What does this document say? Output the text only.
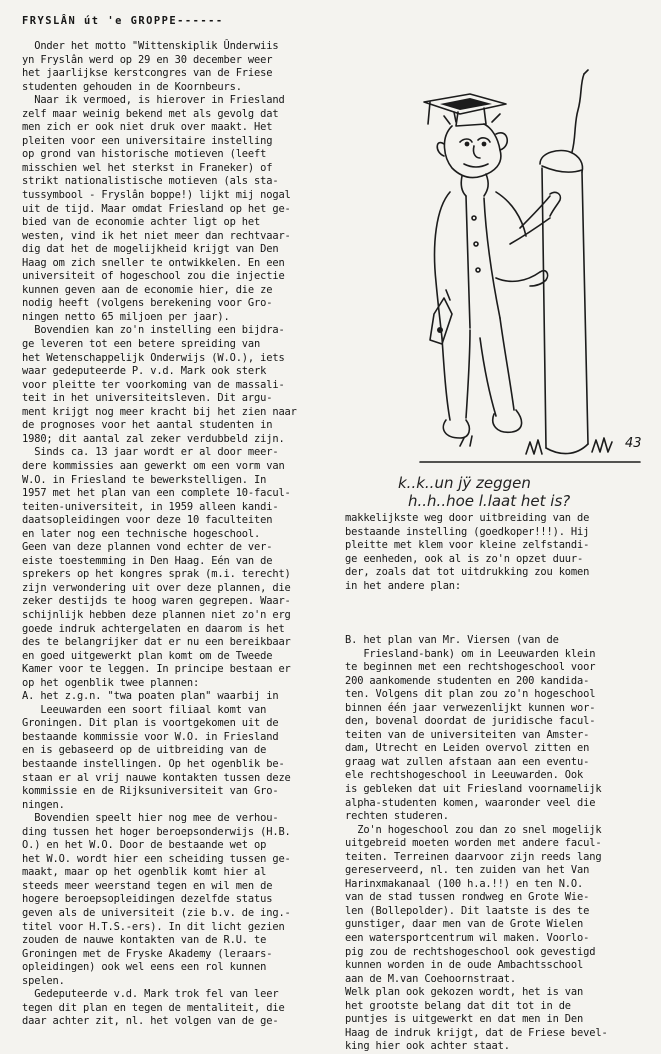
FRYSLÂN út 'e GROPPE------

Onder het motto "Wittenskiplik Ûnderwiis

yn Fryslân werd op 29 en 30 december weer

het jaarlijkse kerstcongres van de Friese

studenten gehouden in de Koornbeurs.

Naar ik vermoed, is hierover in Friesland

zelf maar weinig bekend met als gevolg dat

men zich er ook niet druk over maakt. Het

pleiten voor een universitaire instelling

op grond van historische motieven (leeft

misschien wel het sterkst in Franeker) of

strikt nationalistische motieven (als sta-

tussymbool - Fryslân boppe!) lijkt mij nogal

uit de tijd. Maar omdat Friesland op het ge-

bied van de economie achter ligt op het

westen, vind ik het niet meer dan rechtvaar-

dig dat het de mogelijkheid krijgt van Den

Haag om zich sneller te ontwikkelen. En een

universiteit of hogeschool zou die injectie

kunnen geven aan de economie hier, die ze

nodig heeft (volgens berekening voor Gro-

ningen netto 65 miljoen per jaar).

Bovendien kan zo'n instelling een bijdra-

ge leveren tot een betere spreiding van

het Wetenschappelijk Onderwijs (W.O.), iets

waar gedeputeerde P. v.d. Mark ook sterk

voor pleitte ter voorkoming van de massali-

teit in het universiteitsleven. Dit argu-

ment krijgt nog meer kracht bij het zien naar

de prognoses voor het aantal studenten in

1980; dit aantal zal zeker verdubbeld zijn.

Sinds ca. 13 jaar wordt er al door meer-

dere kommissies aan gewerkt om een vorm van

W.O. in Friesland te bewerkstelligen. In

1957 met het plan van een complete 10-facul-

teiten-universiteit, in 1959 alleen kandi-

daatsopleidingen voor deze 10 faculteiten

en later nog een technische hogeschool.

Geen van deze plannen vond echter de ver-

eiste toestemming in Den Haag. Eén van de

sprekers op het kongres sprak (m.i. terecht)

zijn verwondering uit over deze plannen, die

zeker destijds te hoog waren gegrepen. Waar-

schijnlijk hebben deze plannen niet zo'n erg

goede indruk achtergelaten en daarom is het

des te belangrijker dat er nu een bereikbaar

en goed uitgewerkt plan komt om de Tweede

Kamer voor te leggen. In principe bestaan er

op het ogenblik twee plannen:

A. het z.g.n. "twa poaten plan" waarbij in

Leeuwarden een soort filiaal komt van

Groningen. Dit plan is voortgekomen uit de

bestaande kommissie voor W.O. in Friesland

en is gebaseerd op de uitbreiding van de

bestaande instellingen. Op het ogenblik be-

staan er al vrij nauwe kontakten tussen deze

kommissie en de Rijksuniversiteit van Gro-

ningen.

Bovendien speelt hier nog mee de verhou-

ding tussen het hoger beroepsonderwijs (H.B.

O.) en het W.O. Door de bestaande wet op

het W.O. wordt hier een scheiding tussen ge-

maakt, maar op het ogenblik komt hier al

steeds meer weerstand tegen en wil men de

hogere beroepsopleidingen dezelfde status

geven als de universiteit (zie b.v. de ing.-

titel voor H.T.S.-ers). In dit licht gezien

zouden de nauwe kontakten van de R.U. te

Groningen met de Fryske Akademy (leraars-

opleidingen) ook wel eens een rol kunnen

spelen.

Gedeputeerde v.d. Mark trok fel van leer

tegen dit plan en tegen de mentaliteit, die

daar achter zit, nl. het volgen van de ge-

43
k..k..un jÿ zeggen
h..h..hoe l.laat het is?

makkelijkste weg door uitbreiding van de

bestaande instelling (goedkoper!!!). Hij

pleitte met klem voor kleine zelfstandi-

ge eenheden, ook al is zo'n opzet duur-

der, zoals dat tot uitdrukking zou komen

in het andere plan:

B. het plan van Mr. Viersen (van de

Friesland-bank) om in Leeuwarden klein

te beginnen met een rechtshogeschool voor

200 aankomende studenten en 200 kandida-

ten. Volgens dit plan zou zo'n hogeschool

binnen één jaar verwezenlijkt kunnen wor-

den, bovenal doordat de juridische facul-

teiten van de universiteiten van Amster-

dam, Utrecht en Leiden overvol zitten en

graag wat zullen afstaan aan een eventu-

ele rechtshogeschool in Leeuwarden. Ook

is gebleken dat uit Friesland voornamelijk

alpha-studenten komen, waaronder veel die

rechten studeren.

Zo'n hogeschool zou dan zo snel mogelijk

uitgebreid moeten worden met andere facul-

teiten. Terreinen daarvoor zijn reeds lang

gereserveerd, nl. ten zuiden van het Van

Harinxmakanaal (100 h.a.!!) en ten N.O.

van de stad tussen rondweg en Grote Wie-

len (Bollepolder). Dit laatste is des te

gunstiger, daar men van de Grote Wielen

een watersportcentrum wil maken. Voorlo-

pig zou de rechtshogeschool ook gevestigd

kunnen worden in de oude Ambachtsschool

aan de M.van Coehoornstraat.

Welk plan ook gekozen wordt, het is van

het grootste belang dat dit tot in de

puntjes is uitgewerkt en dat men in Den

Haag de indruk krijgt, dat de Friese bevel-

king hier ook achter staat.
